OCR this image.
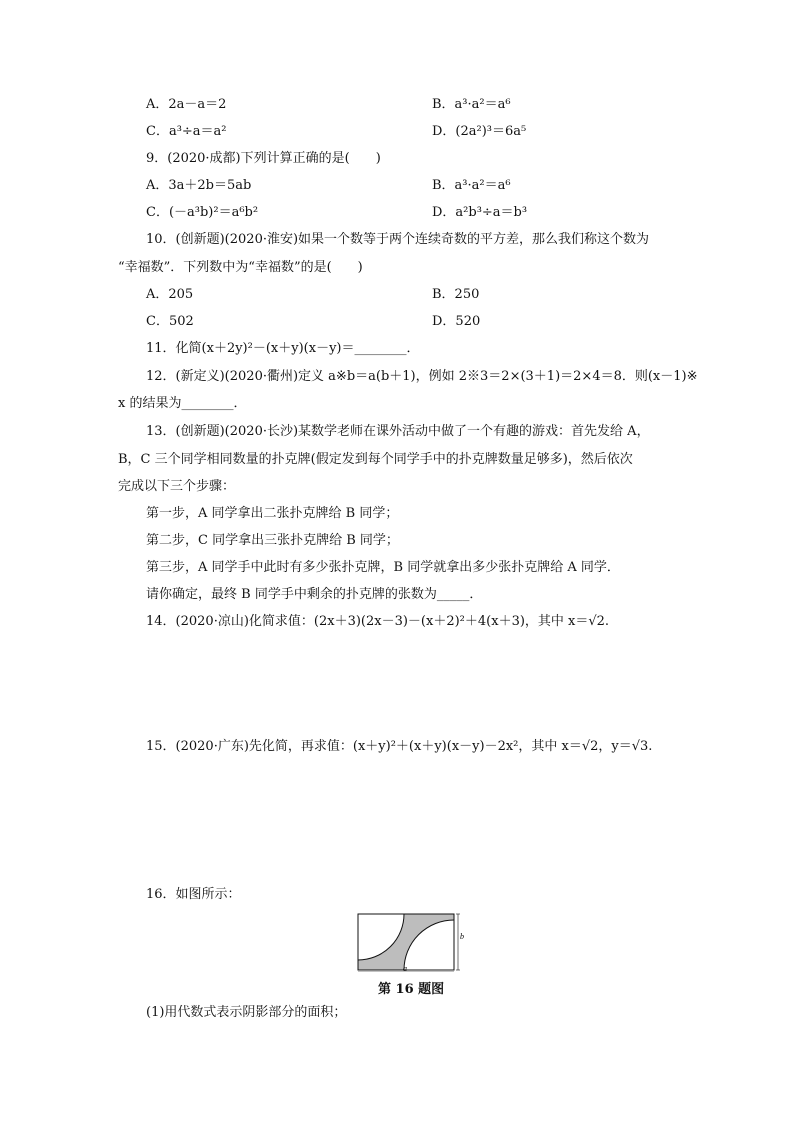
A．2a－a＝2	B．a³·a²＝a⁶
C．a³÷a＝a²	D．(2a²)³＝6a⁵
9．(2020·成都)下列计算正确的是(　　)
A．3a＋2b＝5ab	B．a³·a²＝a⁶
C．(－a³b)²＝a⁶b²	D．a²b³÷a＝b³
10．(创新题)(2020·淮安)如果一个数等于两个连续奇数的平方差，那么我们称这个数为
“幸福数”．下列数中为“幸福数”的是(　　)
A．205	B．250
C．502	D．520
11．化简(x＋2y)²－(x＋y)(x－y)＝________．
12．(新定义)(2020·衢州)定义 a※b＝a(b＋1)，例如 2※3＝2×(3＋1)＝2×4＝8．则(x－1)※
x 的结果为________．
13．(创新题)(2020·长沙)某数学老师在课外活动中做了一个有趣的游戏：首先发给 A，
B，C 三个同学相同数量的扑克牌(假定发到每个同学手中的扑克牌数量足够多)，然后依次
完成以下三个步骤：
第一步，A 同学拿出二张扑克牌给 B 同学；
第二步，C 同学拿出三张扑克牌给 B 同学；
第三步，A 同学手中此时有多少张扑克牌，B 同学就拿出多少张扑克牌给 A 同学．
请你确定，最终 B 同学手中剩余的扑克牌的张数为_____．
14．(2020·凉山)化简求值：(2x＋3)(2x－3)－(x＋2)²＋4(x＋3)，其中 x＝√2.
15．(2020·广东)先化简，再求值：(x＋y)²＋(x＋y)(x－y)－2x²，其中 x＝√2，y＝√3.
16．如图所示：
b
a
第 16 题图
(1)用代数式表示阴影部分的面积；
